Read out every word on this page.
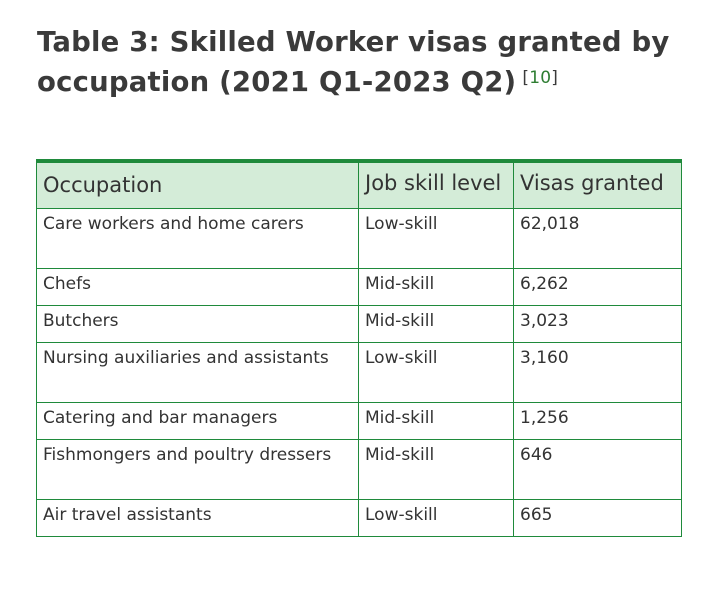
Table 3: Skilled Worker visas granted by occupation (2021 Q1-2023 Q2) [10]
Occupation	Job skill level	Visas granted
Care workers and home carers	Low-skill	62,018
Chefs	Mid-skill	6,262
Butchers	Mid-skill	3,023
Nursing auxiliaries and assistants	Low-skill	3,160
Catering and bar managers	Mid-skill	1,256
Fishmongers and poultry dressers	Mid-skill	646
Air travel assistants	Low-skill	665
